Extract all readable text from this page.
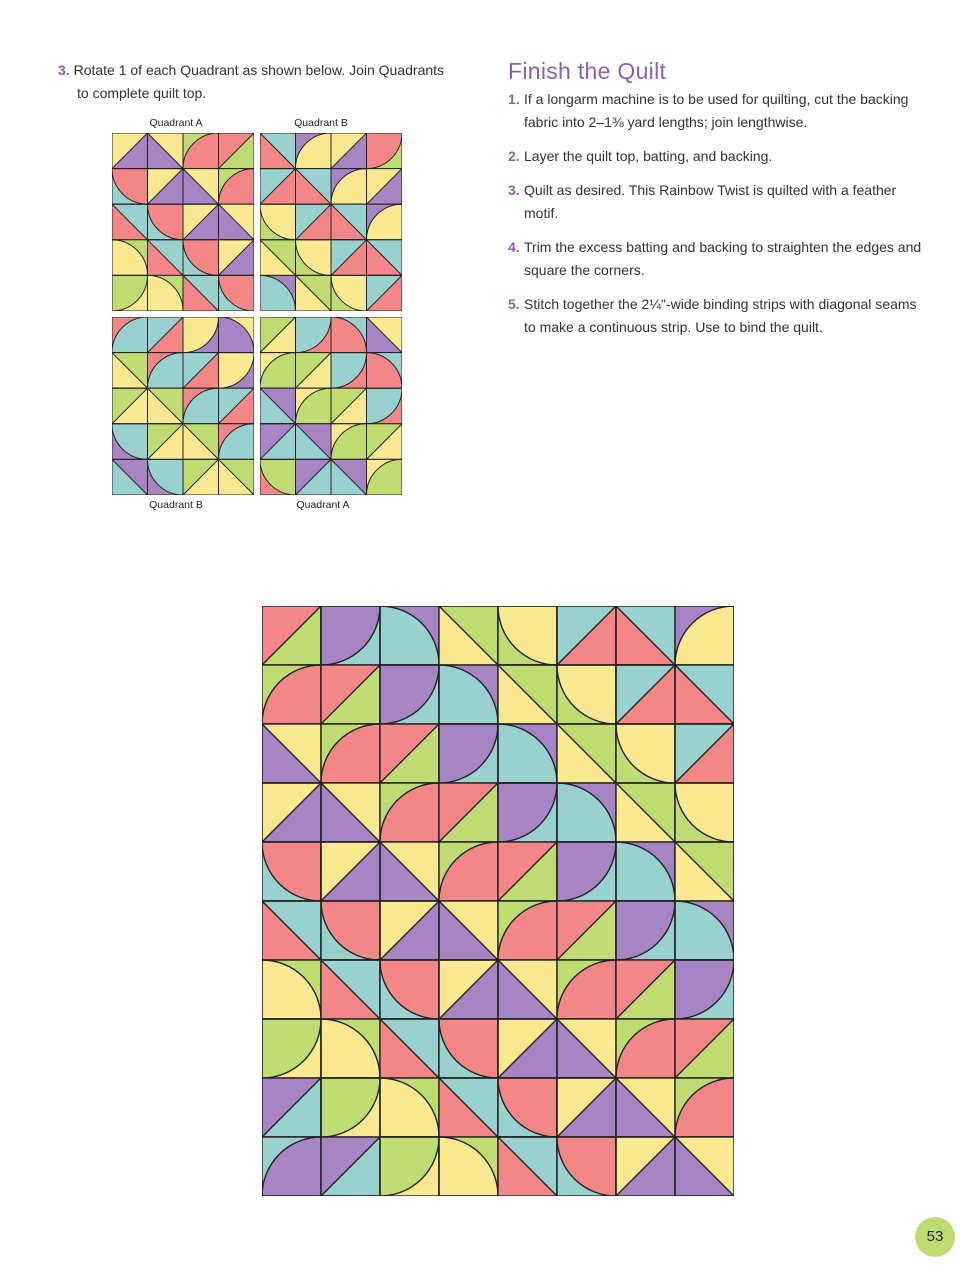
3. Rotate 1 of each Quadrant as shown below. Join Quadrants
to complete quilt top.
Quadrant A	Quadrant B
Quadrant B	Quadrant A
Finish the Quilt
1. If a longarm machine is to be used for quilting, cut the backing fabric into 2–1⅜ yard lengths; join lengthwise.
2. Layer the quilt top, batting, and backing.
3. Quilt as desired. This Rainbow Twist is quilted with a feather motif.
4. Trim the excess batting and backing to straighten the edges and square the corners.
5. Stitch together the 2¼"-wide binding strips with diagonal seams to make a continuous strip. Use to bind the quilt.
53
